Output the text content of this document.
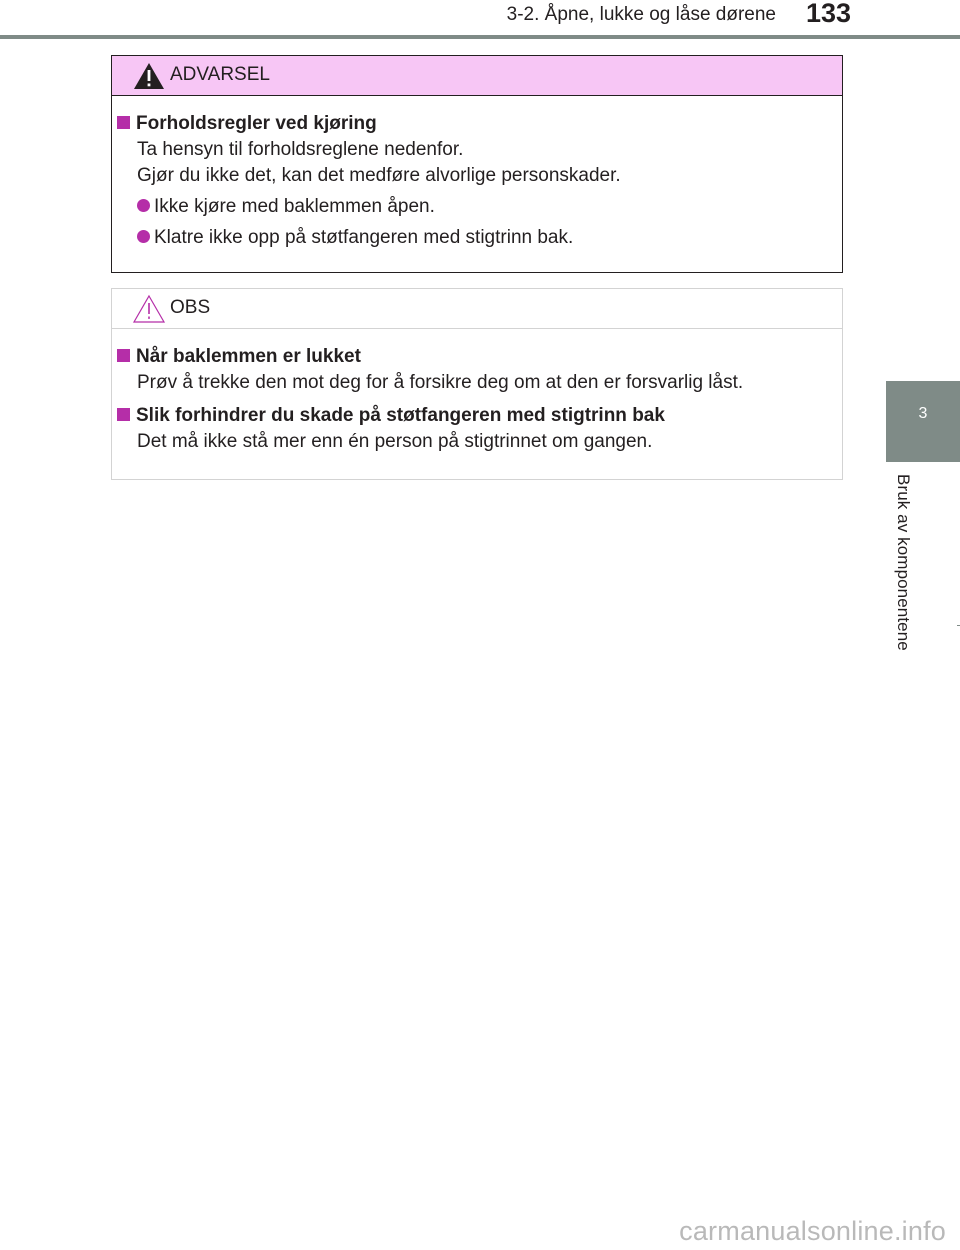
3-2. Åpne, lukke og låse dørene 133
3
Bruk av komponentene
ADVARSEL
Forholdsregler ved kjøring
Ta hensyn til forholdsreglene nedenfor.
Gjør du ikke det, kan det medføre alvorlige personskader.
Ikke kjøre med baklemmen åpen.
Klatre ikke opp på støtfangeren med stigtrinn bak.
OBS
Når baklemmen er lukket
Prøv å trekke den mot deg for å forsikre deg om at den er forsvarlig låst.
Slik forhindrer du skade på støtfangeren med stigtrinn bak
Det må ikke stå mer enn én person på stigtrinnet om gangen.
carmanualsonline.info
